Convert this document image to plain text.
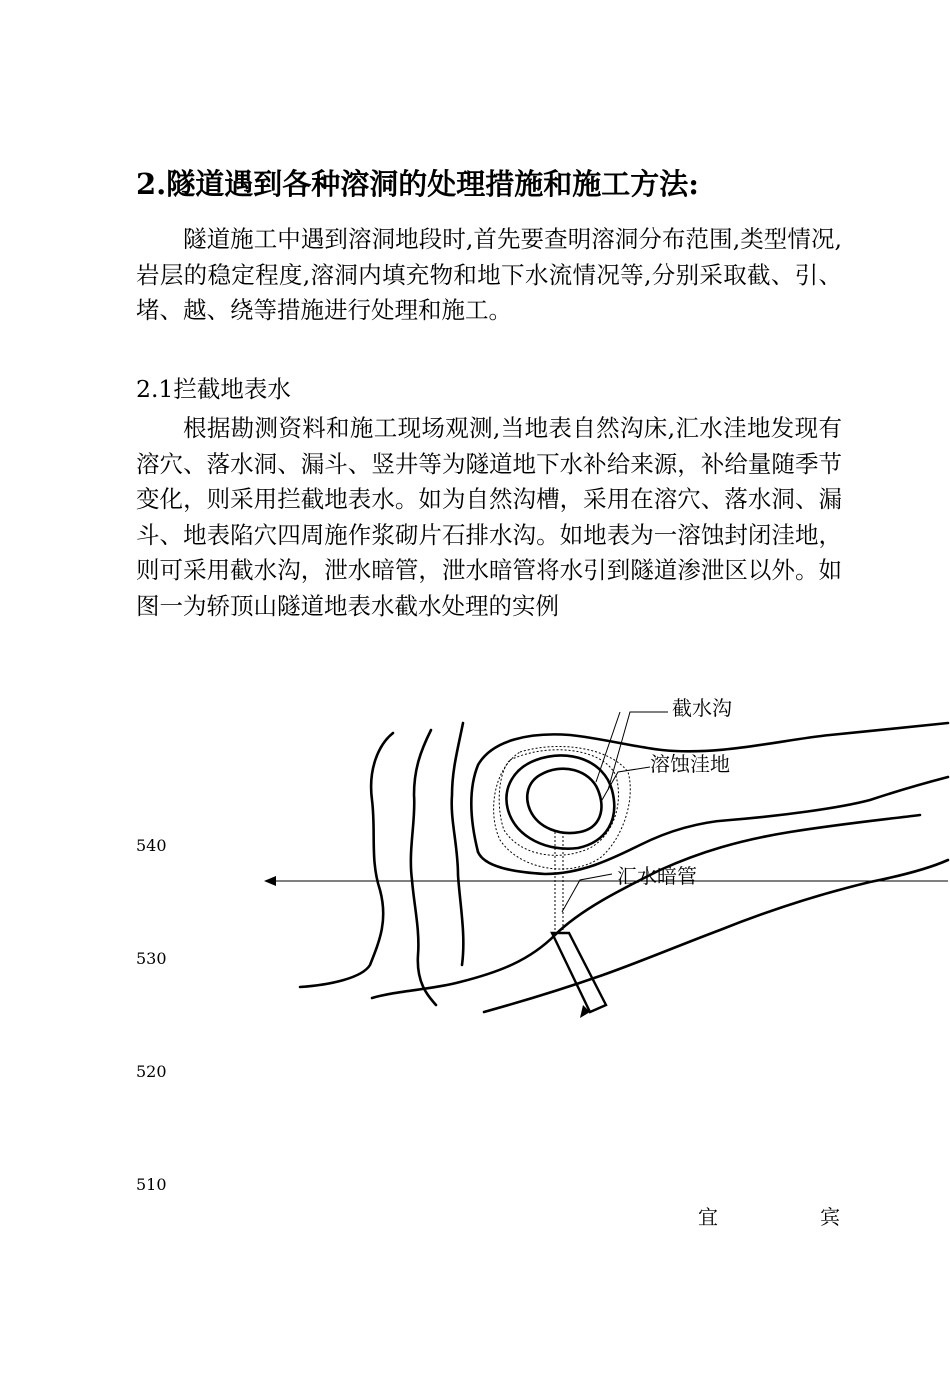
2.隧道遇到各种溶洞的处理措施和施工方法:

隧道施工中遇到溶洞地段时,首先要查明溶洞分布范围,类型情况,岩层的稳定程度,溶洞内填充物和地下水流情况等,分别采取截、引、堵、越、绕等措施进行处理和施工。

2.1拦截地表水

根据勘测资料和施工现场观测,当地表自然沟床,汇水洼地发现有溶穴、落水洞、漏斗、竖井等为隧道地下水补给来源，补给量随季节变化，则采用拦截地表水。如为自然沟槽，采用在溶穴、落水洞、漏斗、地表陷穴四周施作浆砌片石排水沟。如地表为一溶蚀封闭洼地，则可采用截水沟，泄水暗管，泄水暗管将水引到隧道渗泄区以外。如图一为轿顶山隧道地表水截水处理的实例

截水沟
溶蚀洼地
汇水暗管
540
530
520
510
宜	宾
